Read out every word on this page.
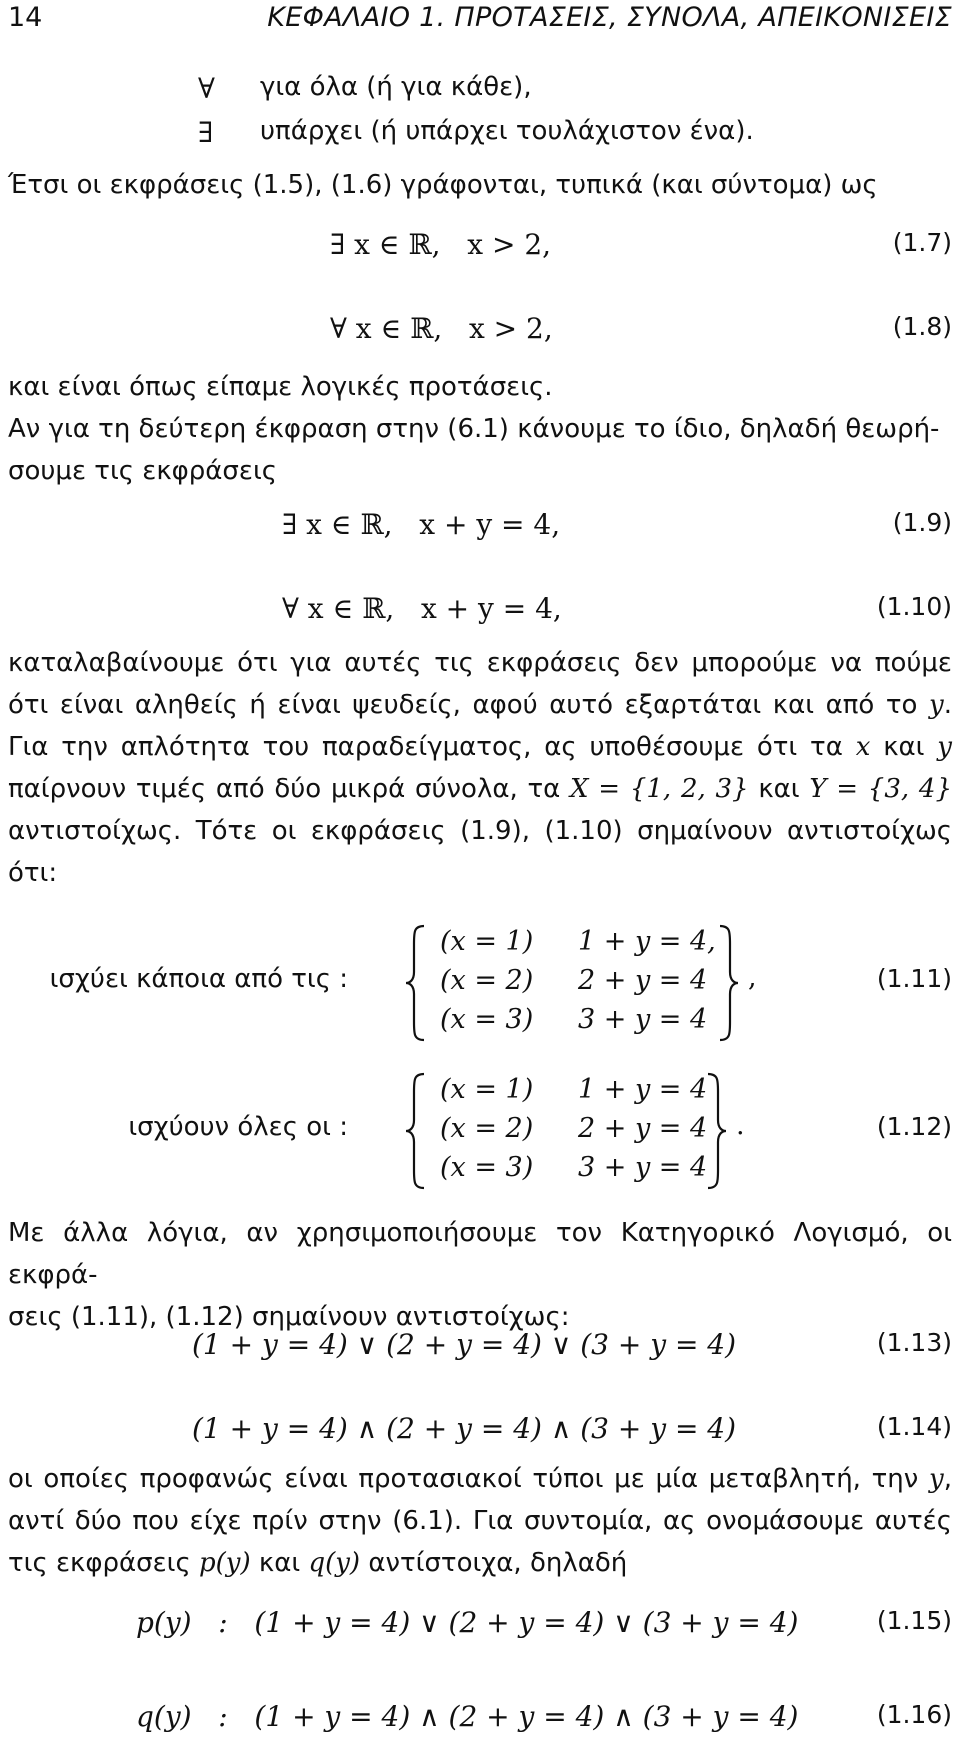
14	ΚΕΦΑΛΑΙΟ 1. ΠΡΟΤΑΣΕΙΣ, ΣΥΝΟΛΑ, ΑΠΕΙΚΟΝΙΣΕΙΣ
∀ για όλα (ή για κάθε),
∃ υπάρχει (ή υπάρχει τουλάχιστον ένα).

Έτσι οι εκφράσεις (1.5), (1.6) γράφονται, τυπικά (και σύντομα) ως

∃ x ∈ ℝ,   x > 2,	(1.7)
∀ x ∈ ℝ,   x > 2,	(1.8)

και είναι όπως είπαμε λογικές προτάσεις.
Αν για τη δεύτερη έκφραση στην (6.1) κάνουμε το ίδιο, δηλαδή θεωρή-
σουμε τις εκφράσεις

∃ x ∈ ℝ,   x + y = 4,	(1.9)
∀ x ∈ ℝ,   x + y = 4,	(1.10)

καταλαβαίνουμε ότι για αυτές τις εκφράσεις δεν μπορούμε να πούμε ότι είναι αληθείς ή είναι ψευδείς, αφού αυτό εξαρτάται και από το y. Για την απλότητα του παραδείγματος, ας υποθέσουμε ότι τα x και y παίρνουν τιμές από δύο μικρά σύνολα, τα X = {1, 2, 3} και Y = {3, 4} αντιστοίχως. Τότε οι εκφράσεις (1.9), (1.10) σημαίνουν αντιστοίχως ότι:

ισχύει κάποια από τις :
(x = 1) 1 + y = 4,
(x = 2) 2 + y = 4
(x = 3) 3 + y = 4
,	(1.11)
ισχύουν όλες οι :
(x = 1) 1 + y = 4
(x = 2) 2 + y = 4
(x = 3) 3 + y = 4
.	(1.12)

Με άλλα λόγια, αν χρησιμοποιήσουμε τον Κατηγορικό Λογισμό, οι εκφρά-
σεις (1.11), (1.12) σημαίνουν αντιστοίχως:

(1 + y = 4) ∨ (2 + y = 4) ∨ (3 + y = 4)	(1.13)
(1 + y = 4) ∧ (2 + y = 4) ∧ (3 + y = 4)	(1.14)

οι οποίες προφανώς είναι προτασιακοί τύποι με μία μεταβλητή, την y, αντί δύο που είχε πρίν στην (6.1). Για συντομία, ας ονομάσουμε αυτές τις εκφράσεις p(y) και q(y) αντίστοιχα, δηλαδή

p(y)   :   (1 + y = 4) ∨ (2 + y = 4) ∨ (3 + y = 4)	(1.15)
q(y)   :   (1 + y = 4) ∧ (2 + y = 4) ∧ (3 + y = 4)	(1.16)
